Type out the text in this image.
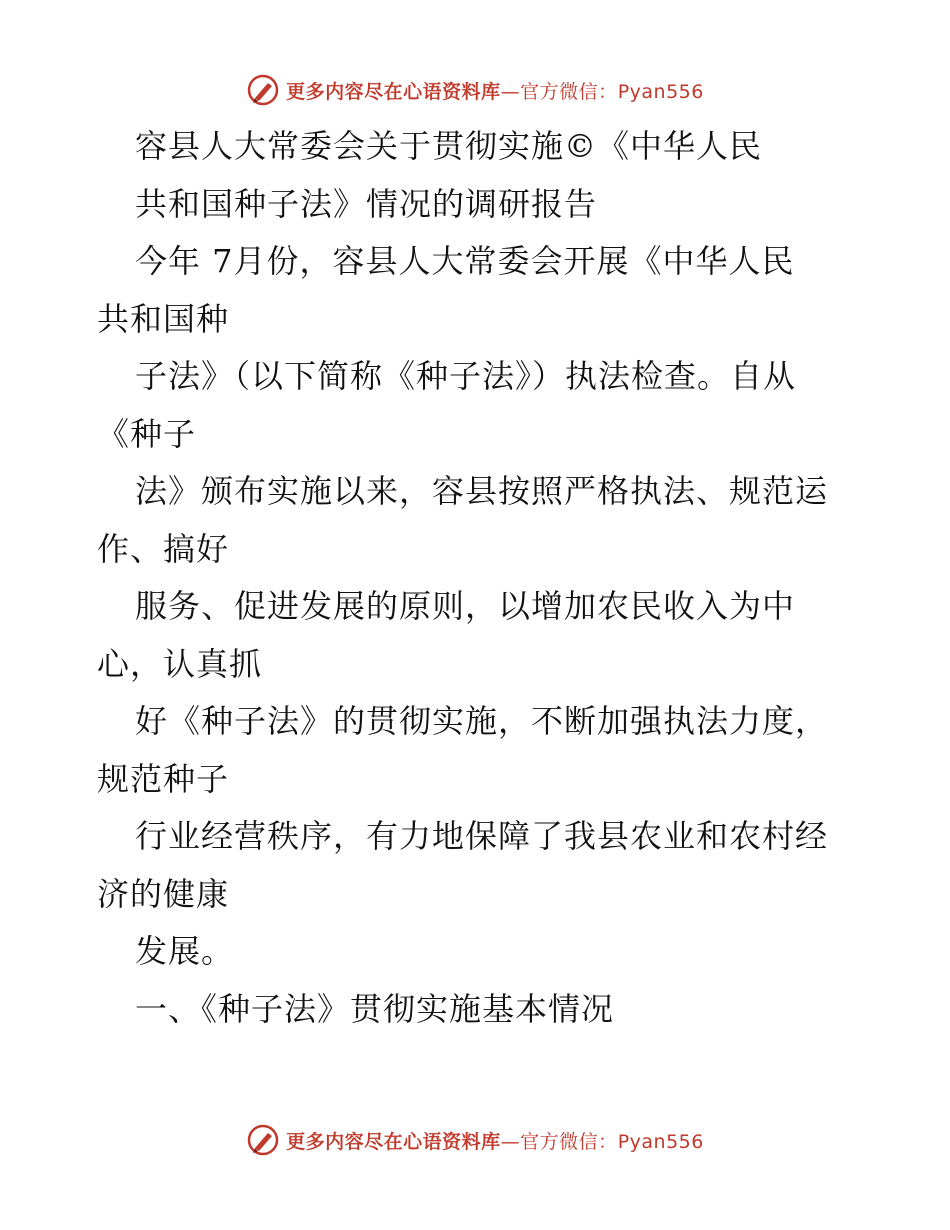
更多内容尽在心语资料库—官方微信：Pyan556
容县人大常委会关于贯彻实施©《中华人民
共和国种子法》情况的调研报告
今年 7月份，容县人大常委会开展《中华人民
共和国种
子法》（以下简称《种子法》）执法检查。自从
《种子
法》颁布实施以来，容县按照严格执法、规范运
作、搞好
服务、促进发展的原则，以增加农民收入为中
心，认真抓
好《种子法》的贯彻实施，不断加强执法力度，
规范种子
行业经营秩序，有力地保障了我县农业和农村经
济的健康
发展。
一、《种子法》贯彻实施基本情况
更多内容尽在心语资料库—官方微信：Pyan556
